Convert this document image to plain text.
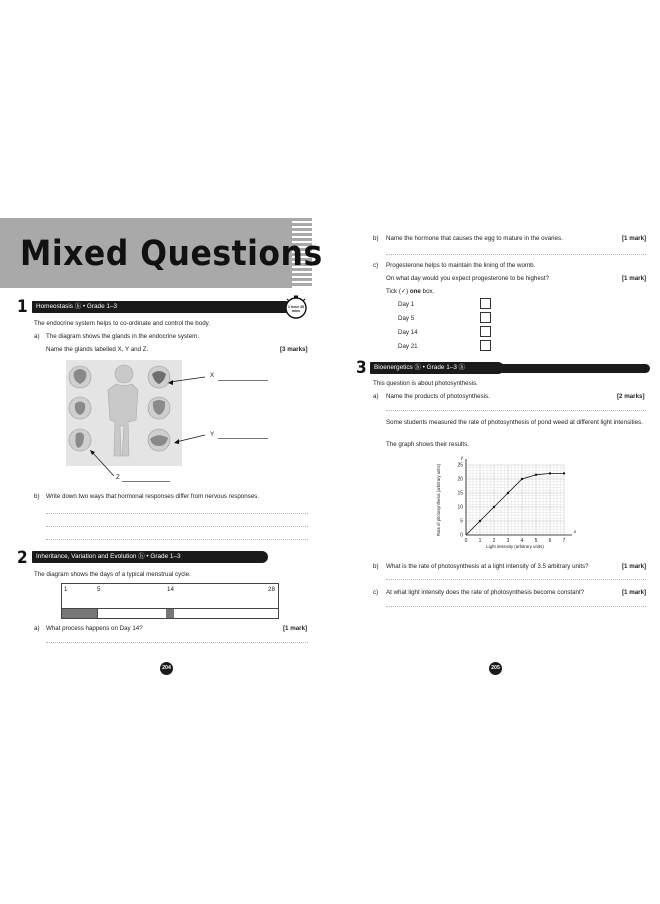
Mixed Questions
1	Homeostasis ⓑ • Grade 1–3	1 hour 45 mins
The endocrine system helps to co-ordinate and control the body.
a) The diagram shows the glands in the endocrine system.
Name the glands labelled X, Y and Z.	[3 marks]
X
Y
Z
b) Write down two ways that hormonal responses differ from nervous responses.
2	Inheritance, Variation and Evolution ⓑ • Grade 1–3
The diagram shows the days of a typical menstrual cycle.
1	5	14	28
a) What process happens on Day 14?	[1 mark]
204
b) Name the hormone that causes the egg to mature in the ovaries.	[1 mark]
c) Progesterone helps to maintain the lining of the womb.
On what day would you expect progesterone to be highest?	[1 mark]
Tick (✓) one box.
Day 1
Day 5
Day 14
Day 21
3	Bioenergetics ⓑ • Grade 1–3 ⓑ
This question is about photosynthesis.
a) Name the products of photosynthesis.	[2 marks]
Some students measured the rate of photosynthesis of pond weed at different light intensities.
The graph shows their results.
y
x
0 1 2 3 4 5 6 7
0
5
10
15
20
25
Light intensity (arbitrary units)
Rate of photosynthesis (arbitrary units)
b) What is the rate of photosynthesis at a light intensity of 3.5 arbitrary units?	[1 mark]
c) At what light intensity does the rate of photosynthesis become constant?	[1 mark]
205
